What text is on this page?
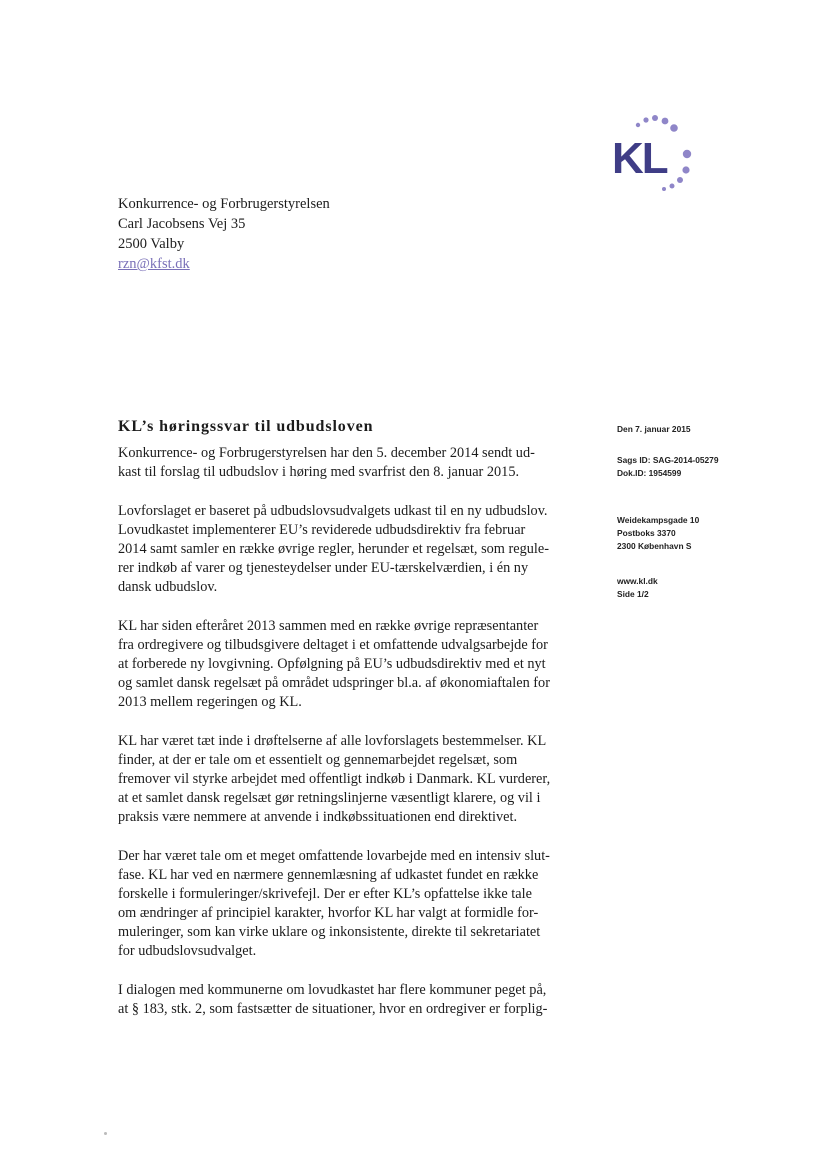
KL
Konkurrence- og Forbrugerstyrelsen
Carl Jacobsens Vej 35
2500 Valby
rzn@kfst.dk
KL’s høringssvar til udbudsloven	Den 7. januar 2015
Sags ID: SAG-2014-05279
Dok.ID: 1954599
Weidekampsgade 10
Postboks 3370
2300 København S
www.kl.dk
Side 1/2

Konkurrence- og Forbrugerstyrelsen har den 5. december 2014 sendt ud-
kast til forslag til udbudslov i høring med svarfrist den 8. januar 2015.

Lovforslaget er baseret på udbudslovsudvalgets udkast til en ny udbudslov.
Lovudkastet implementerer EU’s reviderede udbudsdirektiv fra februar
2014 samt samler en række øvrige regler, herunder et regelsæt, som regule-
rer indkøb af varer og tjenesteydelser under EU-tærskelværdien, i én ny
dansk udbudslov.

KL har siden efteråret 2013 sammen med en række øvrige repræsentanter
fra ordregivere og tilbudsgivere deltaget i et omfattende udvalgsarbejde for
at forberede ny lovgivning. Opfølgning på EU’s udbudsdirektiv med et nyt
og samlet dansk regelsæt på området udspringer bl.a. af økonomiaftalen for
2013 mellem regeringen og KL.

KL har været tæt inde i drøftelserne af alle lovforslagets bestemmelser. KL
finder, at der er tale om et essentielt og gennemarbejdet regelsæt, som
fremover vil styrke arbejdet med offentligt indkøb i Danmark. KL vurderer,
at et samlet dansk regelsæt gør retningslinjerne væsentligt klarere, og vil i
praksis være nemmere at anvende i indkøbssituationen end direktivet.

Der har været tale om et meget omfattende lovarbejde med en intensiv slut-
fase. KL har ved en nærmere gennemlæsning af udkastet fundet en række
forskelle i formuleringer/skrivefejl. Der er efter KL’s opfattelse ikke tale
om ændringer af principiel karakter, hvorfor KL har valgt at formidle for-
muleringer, som kan virke uklare og inkonsistente, direkte til sekretariatet
for udbudslovsudvalget.

I dialogen med kommunerne om lovudkastet har flere kommuner peget på,
at § 183, stk. 2, som fastsætter de situationer, hvor en ordregiver er forplig-
